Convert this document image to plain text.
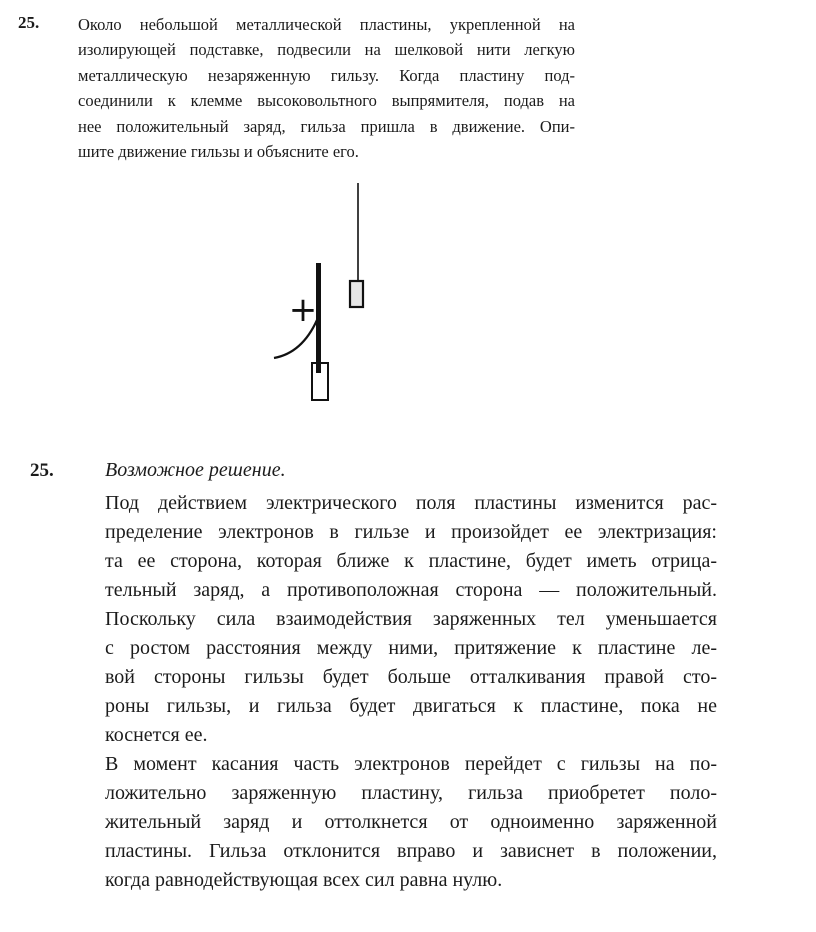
25. Около небольшой металлической пластины, укрепленной на
изолирующей подставке, подвесили на шелковой нити легкую
металлическую незаряженную гильзу. Когда пластину под-
соединили к клемме высоковольтного выпрямителя, подав на
нее положительный заряд, гильза пришла в движение. Опи-
шите движение гильзы и объясните его.
+
25.	Возможное решение.
Под действием электрического поля пластины изменится рас-
пределение электронов в гильзе и произойдет ее электризация:
та ее сторона, которая ближе к пластине, будет иметь отрица-
тельный заряд, а противоположная сторона — положительный.
Поскольку сила взаимодействия заряженных тел уменьшается
с ростом расстояния между ними, притяжение к пластине ле-
вой стороны гильзы будет больше отталкивания правой сто-
роны гильзы, и гильза будет двигаться к пластине, пока не
коснется ее.
В момент касания часть электронов перейдет с гильзы на по-
ложительно заряженную пластину, гильза приобретет поло-
жительный заряд и оттолкнется от одноименно заряженной
пластины. Гильза отклонится вправо и зависнет в положении,
когда равнодействующая всех сил равна нулю.
